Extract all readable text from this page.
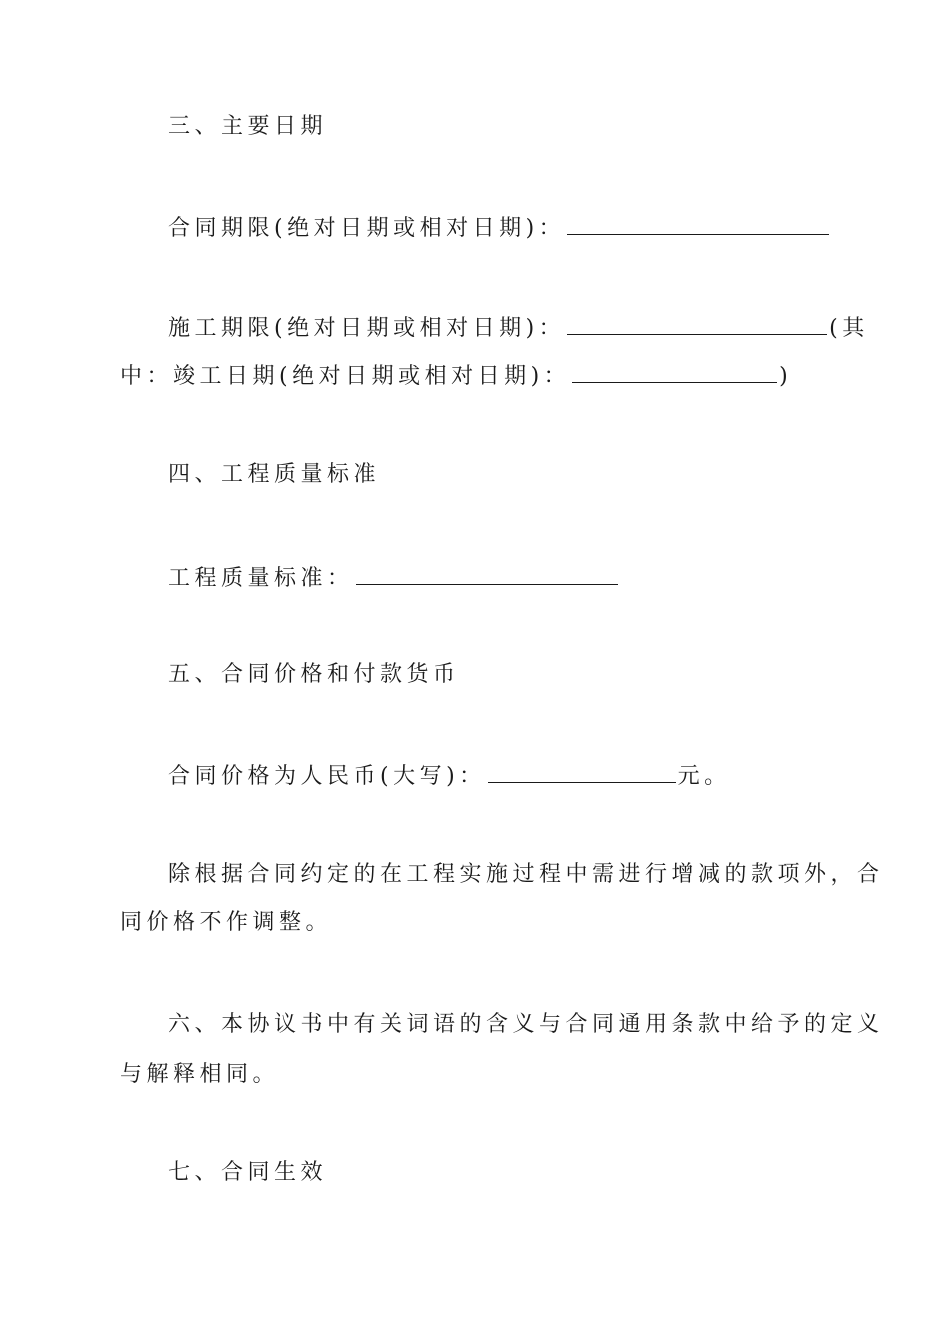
三、主要日期
合同期限(绝对日期或相对日期)：
施工期限(绝对日期或相对日期)：	(其
中：竣工日期(绝对日期或相对日期)：	)
四、工程质量标准
工程质量标准：
五、合同价格和付款货币
合同价格为人民币(大写)：	元。
除根据合同约定的在工程实施过程中需进行增减的款项外，合
同价格不作调整。
六、本协议书中有关词语的含义与合同通用条款中给予的定义
与解释相同。
七、合同生效
